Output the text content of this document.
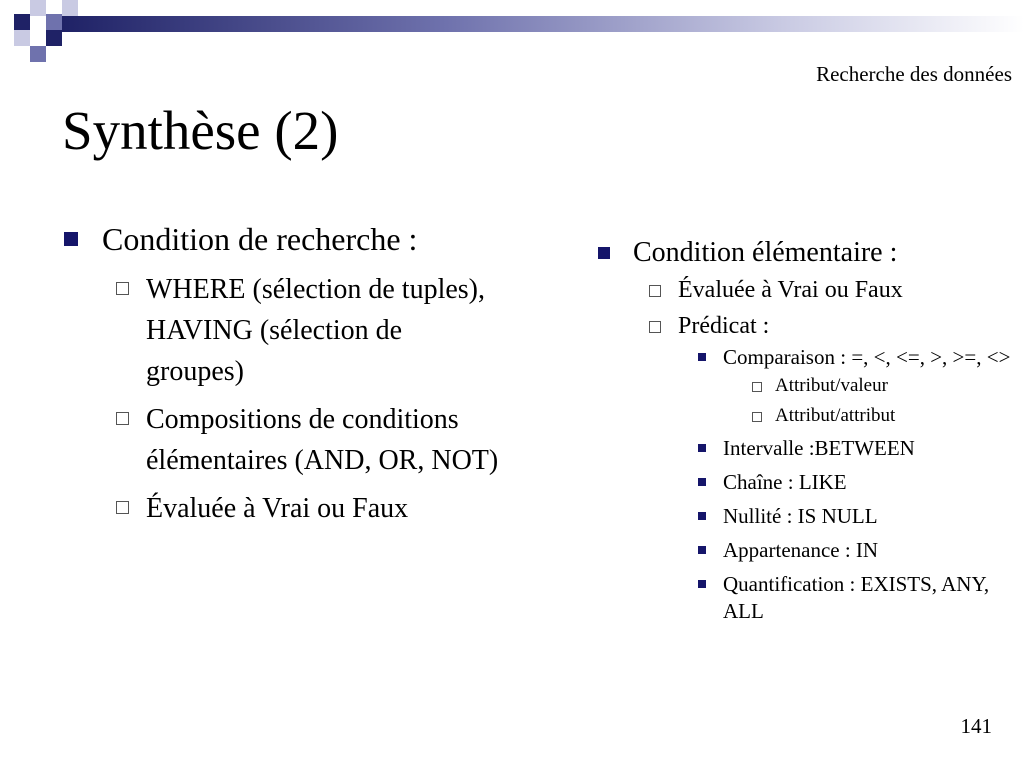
Recherche des données
Synthèse (2)
Condition de recherche :
WHERE (sélection de tuples), HAVING (sélection de groupes)
Compositions de conditions élémentaires (AND, OR, NOT)
Évaluée à Vrai ou Faux
Condition élémentaire :
Évaluée à Vrai ou Faux
Prédicat :
Comparaison : =, <, <=, >, >=, <>
Attribut/valeur
Attribut/attribut
Intervalle :BETWEEN
Chaîne : LIKE
Nullité : IS NULL
Appartenance : IN
Quantification : EXISTS, ANY, ALL
141
